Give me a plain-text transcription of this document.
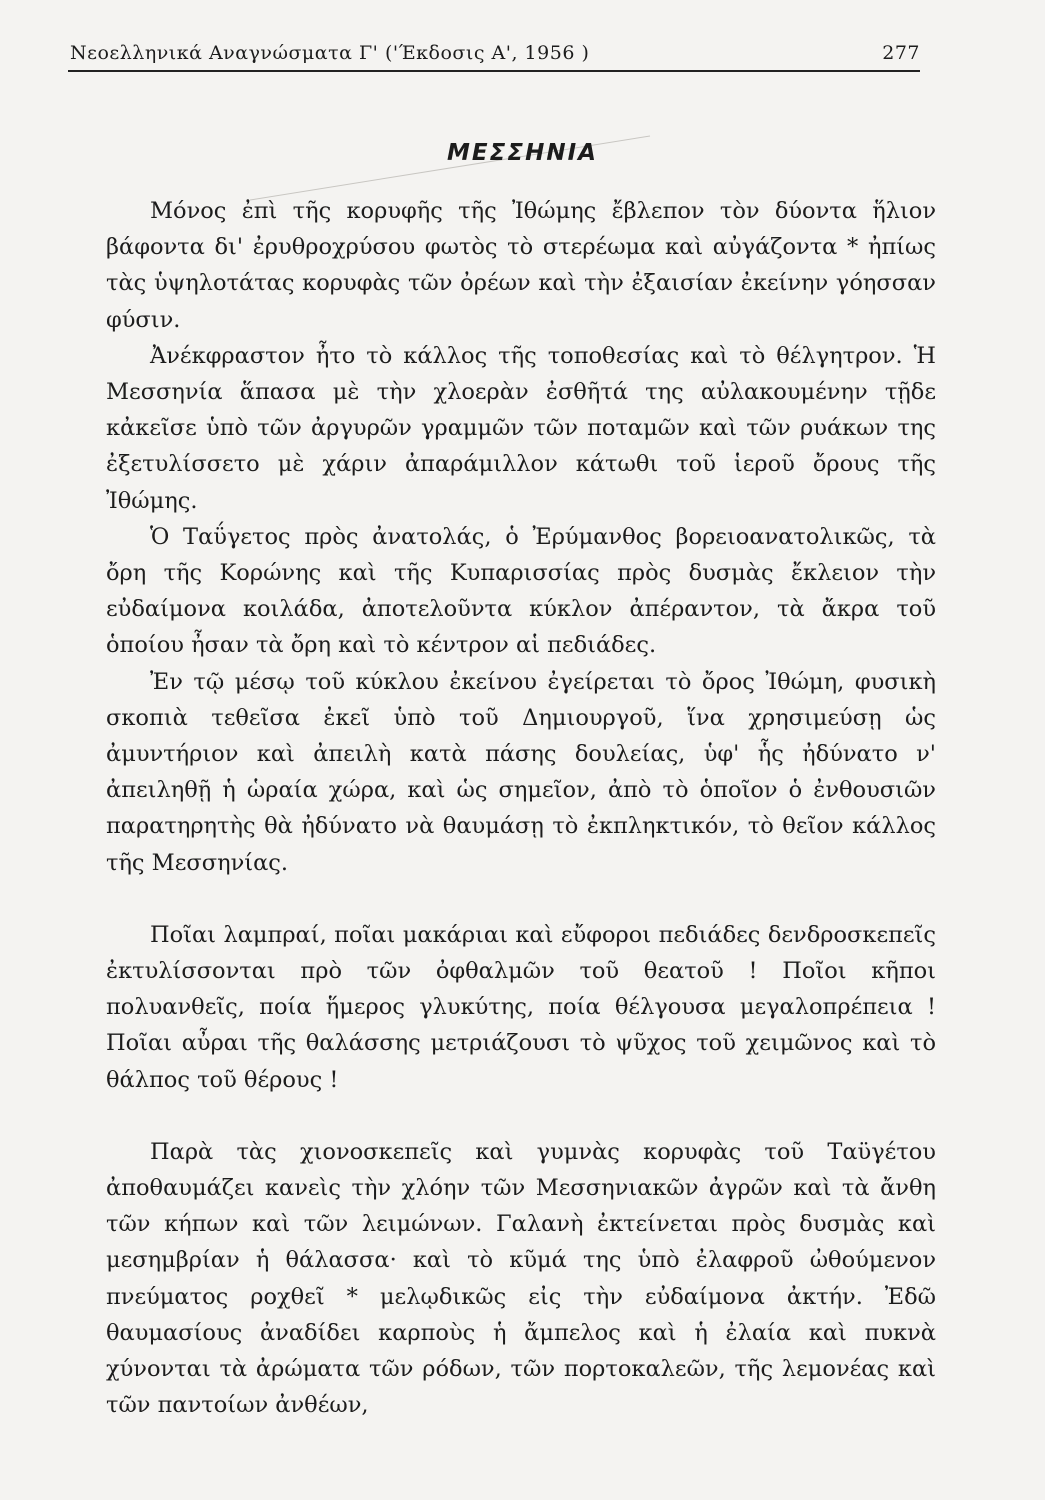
Νεοελληνικά Αναγνώσματα Γ' ('Έκδοσις Α', 1956 )	277
ΜΕΣΣΗΝΙΑ

Μόνος ἐπὶ τῆς κορυφῆς τῆς Ἰθώμης ἔβλεπον τὸν δύοντα ἥλιον βάφοντα δι' ἐρυθροχρύσου φωτὸς τὸ στερέωμα καὶ αὐγάζοντα * ἠπίως τὰς ὑψηλοτάτας κορυφὰς τῶν ὀρέων καὶ τὴν ἐξαισίαν ἐκείνην γόησσαν φύσιν.

Ἀνέκφραστον ἦτο τὸ κάλλος τῆς τοποθεσίας καὶ τὸ θέλγητρον. Ἡ Μεσσηνία ἅπασα μὲ τὴν χλοερὰν ἐσθῆτά της αὐλακουμένην τῇδε κἀκεῖσε ὑπὸ τῶν ἀργυρῶν γραμμῶν τῶν ποταμῶν καὶ τῶν ρυάκων της ἐξετυλίσσετο μὲ χάριν ἀπαράμιλλον κάτωθι τοῦ ἱεροῦ ὄρους τῆς Ἰθώμης.

Ὁ Ταΰγετος πρὸς ἀνατολάς, ὁ Ἐρύμανθος βορειοανατολικῶς, τὰ ὄρη τῆς Κορώνης καὶ τῆς Κυπαρισσίας πρὸς δυσμὰς ἔκλειον τὴν εὐδαίμονα κοιλάδα, ἀποτελοῦντα κύκλον ἀπέραντον, τὰ ἄκρα τοῦ ὁποίου ἦσαν τὰ ὄρη καὶ τὸ κέντρον αἱ πεδιάδες.

Ἐν τῷ μέσῳ τοῦ κύκλου ἐκείνου ἐγείρεται τὸ ὄρος Ἰθώμη, φυσικὴ σκοπιὰ τεθεῖσα ἐκεῖ ὑπὸ τοῦ Δημιουργοῦ, ἵνα χρησιμεύσῃ ὡς ἀμυντήριον καὶ ἀπειλὴ κατὰ πάσης δουλείας, ὑφ' ἧς ἠδύνατο ν' ἀπειληθῇ ἡ ὡραία χώρα, καὶ ὡς σημεῖον, ἀπὸ τὸ ὁποῖον ὁ ἐνθουσιῶν παρατηρητὴς θὰ ἠδύνατο νὰ θαυμάσῃ τὸ ἐκπληκτικόν, τὸ θεῖον κάλλος τῆς Μεσσηνίας.

Ποῖαι λαμπραί, ποῖαι μακάριαι καὶ εὔφοροι πεδιάδες δενδροσκεπεῖς ἐκτυλίσσονται πρὸ τῶν ὀφθαλμῶν τοῦ θεατοῦ ! Ποῖοι κῆποι πολυανθεῖς, ποία ἥμερος γλυκύτης, ποία θέλγουσα μεγαλοπρέπεια ! Ποῖαι αὖραι τῆς θαλάσσης μετριάζουσι τὸ ψῦχος τοῦ χειμῶνος καὶ τὸ θάλπος τοῦ θέρους !

Παρὰ τὰς χιονοσκεπεῖς καὶ γυμνὰς κορυφὰς τοῦ Ταϋγέτου ἀποθαυμάζει κανεὶς τὴν χλόην τῶν Μεσσηνιακῶν ἀγρῶν καὶ τὰ ἄνθη τῶν κήπων καὶ τῶν λειμώνων. Γαλανὴ ἐκτείνεται πρὸς δυσμὰς καὶ μεσημβρίαν ἡ θάλασσα· καὶ τὸ κῦμά της ὑπὸ ἐλαφροῦ ὠθούμενον πνεύματος ροχθεῖ * μελῳδικῶς εἰς τὴν εὐδαίμονα ἀκτήν. Ἐδῶ θαυμασίους ἀναδίδει καρποὺς ἡ ἄμπελος καὶ ἡ ἐλαία καὶ πυκνὰ χύνονται τὰ ἀρώματα τῶν ρόδων, τῶν πορτοκαλεῶν, τῆς λεμονέας καὶ τῶν παντοίων ἀνθέων,
